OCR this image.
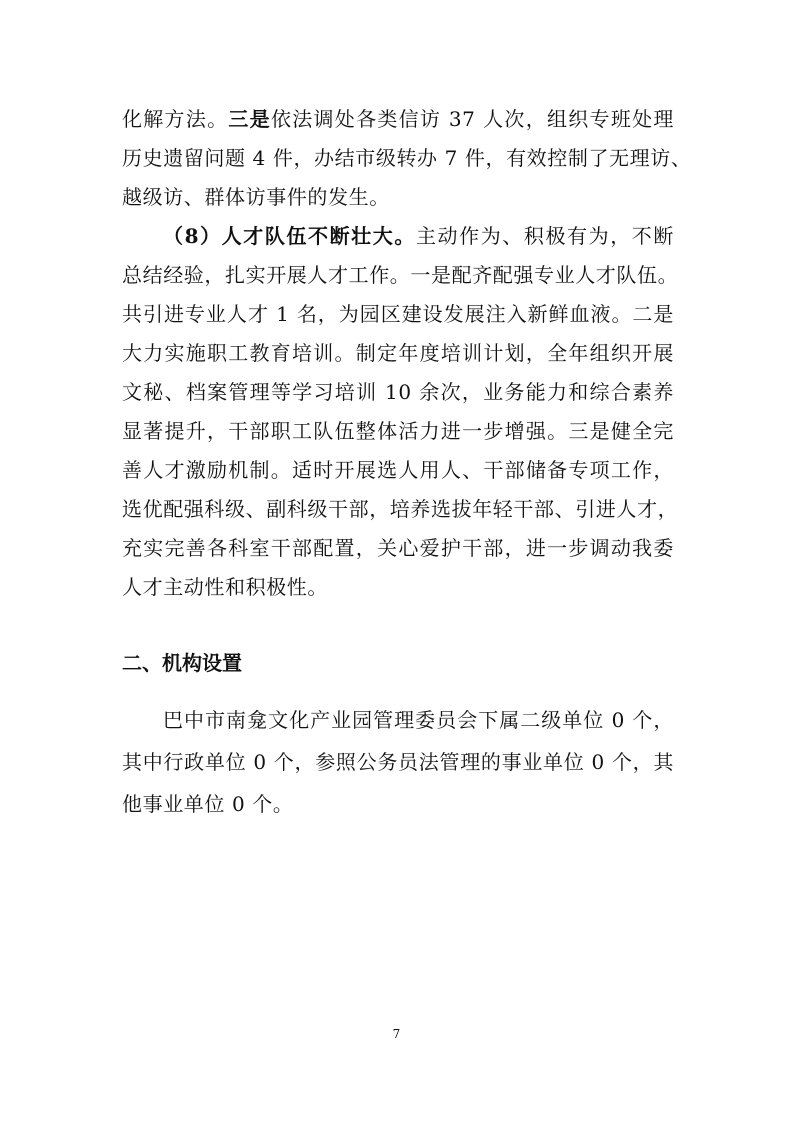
化解方法。三是依法调处各类信访 37 人次，组织专班处理
历史遗留问题 4 件，办结市级转办 7 件，有效控制了无理访、
越级访、群体访事件的发生。
（8）人才队伍不断壮大。主动作为、积极有为，不断
总结经验，扎实开展人才工作。一是配齐配强专业人才队伍。
共引进专业人才 1 名，为园区建设发展注入新鲜血液。二是
大力实施职工教育培训。制定年度培训计划，全年组织开展
文秘、档案管理等学习培训 10 余次，业务能力和综合素养
显著提升，干部职工队伍整体活力进一步增强。三是健全完
善人才激励机制。适时开展选人用人、干部储备专项工作，
选优配强科级、副科级干部，培养选拔年轻干部、引进人才，
充实完善各科室干部配置，关心爱护干部，进一步调动我委
人才主动性和积极性。
二、机构设置
巴中市南龛文化产业园管理委员会下属二级单位 0 个，
其中行政单位 0 个，参照公务员法管理的事业单位 0 个，其
他事业单位 0 个。
7
